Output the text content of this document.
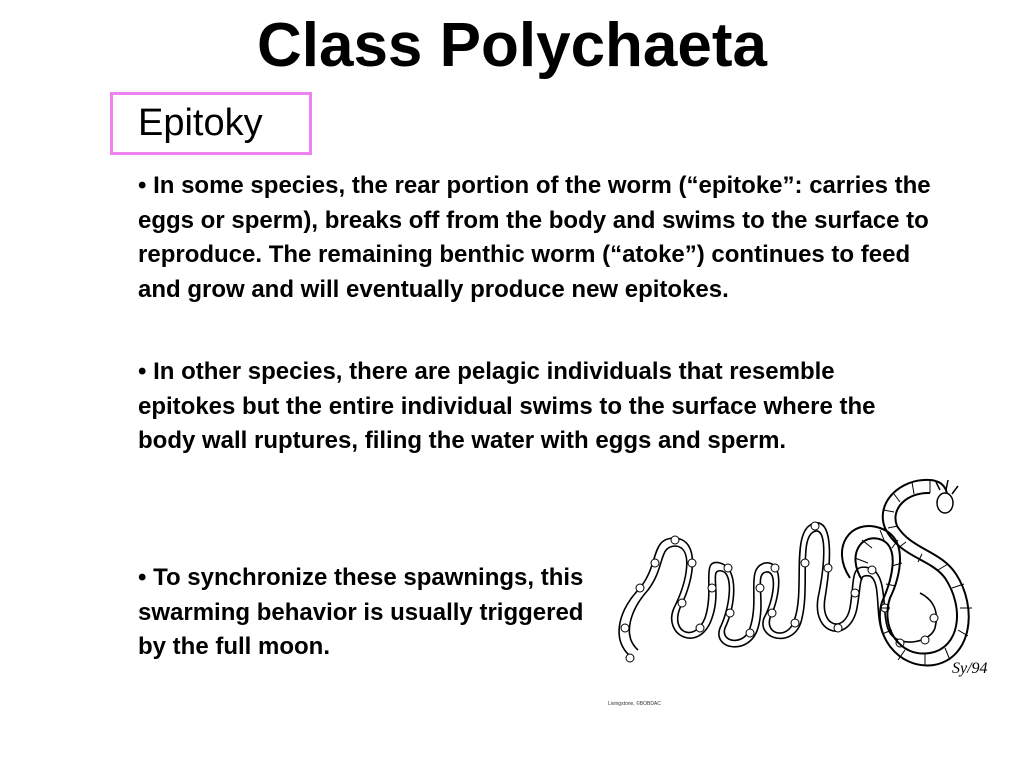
Class Polychaeta
Epitoky

• In some species, the rear portion of the worm (“epitoke”: carries the eggs or sperm), breaks off from the body and swims to the surface to reproduce. The remaining benthic worm (“atoke”) continues to feed and grow and will eventually produce new epitokes.

• In other species, there are pelagic individuals that resemble epitokes but the entire individual swims to the surface where the body wall ruptures, filing the water with eggs and sperm.

• To synchronize these spawnings, this swarming behavior is usually triggered by the full moon.

Sy/94

Livingstone, ©BOBDAC
